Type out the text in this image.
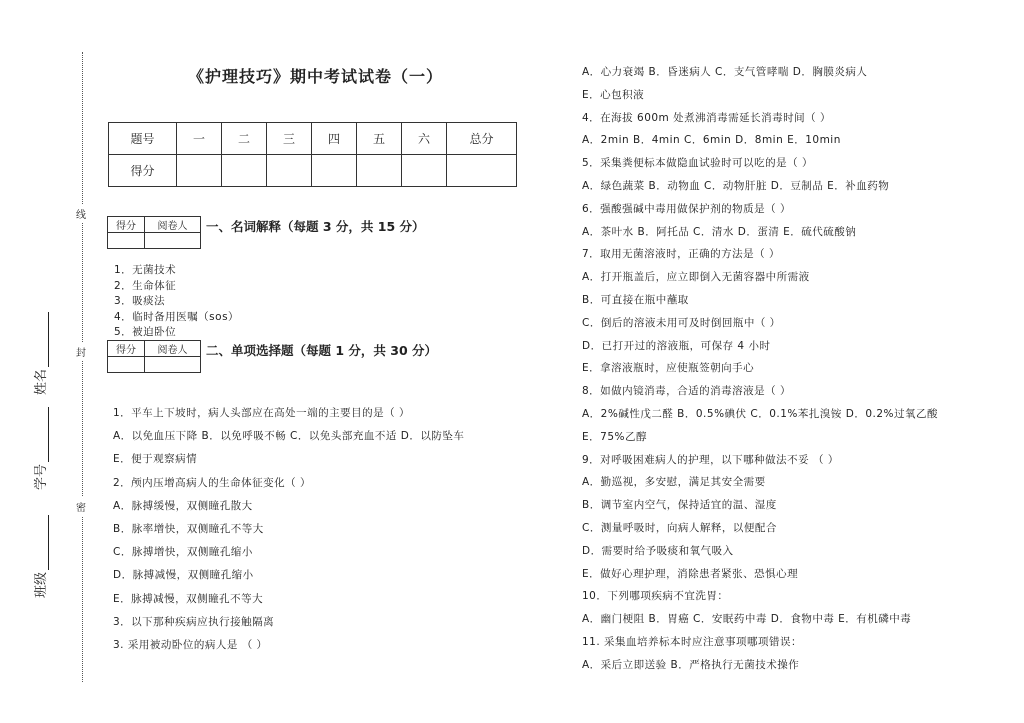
线
封
密
姓名
学号
班级
《护理技巧》期中考试试卷（一）
题号	一	二	三	四	五	六	总分
得分							
得分	阅卷人
	一、名词解释（每题 3 分，共 15 分）
1．无菌技术
2．生命体征
3．吸痰法
4．临时备用医嘱（sos）
5．被迫卧位
得分	阅卷人
	二、单项选择题（每题 1 分，共 30 分）
1．平车上下坡时，病人头部应在高处一端的主要目的是（ ）
A．以免血压下降 B．以免呼吸不畅 C．以免头部充血不适 D．以防坠车
E．便于观察病情
2．颅内压增高病人的生命体征变化（ ）
A．脉搏缓慢，双侧瞳孔散大
B．脉率增快，双侧瞳孔不等大
C．脉搏增快，双侧瞳孔缩小
D．脉搏减慢，双侧瞳孔缩小
E．脉搏减慢，双侧瞳孔不等大
3．以下那种疾病应执行接触隔离
3. 采用被动卧位的病人是 （ ）
A．心力衰竭 B．昏迷病人 C．支气管哮喘 D．胸膜炎病人
E．心包积液
4．在海拔 600m 处煮沸消毒需延长消毒时间（ ）
A．2min B．4min C．6min D．8min E．10min
5．采集粪便标本做隐血试验时可以吃的是（ ）
A．绿色蔬菜 B．动物血 C．动物肝脏 D．豆制品 E．补血药物
6．强酸强碱中毒用做保护剂的物质是（ ）
A．茶叶水 B．阿托品 C．清水 D．蛋清 E．硫代硫酸钠
7．取用无菌溶液时，正确的方法是（ ）
A．打开瓶盖后，应立即倒入无菌容器中所需液
B．可直接在瓶中蘸取
C．倒后的溶液未用可及时倒回瓶中（ ）
D．已打开过的溶液瓶，可保存 4 小时
E．拿溶液瓶时，应使瓶签朝向手心
8．如做内镜消毒，合适的消毒溶液是（ ）
A．2%碱性戊二醛 B．0.5%碘伏 C．0.1%苯扎溴铵 D．0.2%过氧乙酸
E．75%乙醇
9．对呼吸困难病人的护理，以下哪种做法不妥 （ ）
A．勤巡视，多安慰，满足其安全需要
B．调节室内空气，保持适宜的温、湿度
C．测量呼吸时，向病人解释，以便配合
D．需要时给予吸痰和氧气吸入
E．做好心理护理，消除患者紧张、恐惧心理
10．下列哪项疾病不宜洗胃：
A．幽门梗阻 B．胃癌 C．安眠药中毒 D．食物中毒 E．有机磷中毒
11. 采集血培养标本时应注意事项哪项错误：
A．采后立即送验 B．严格执行无菌技术操作
